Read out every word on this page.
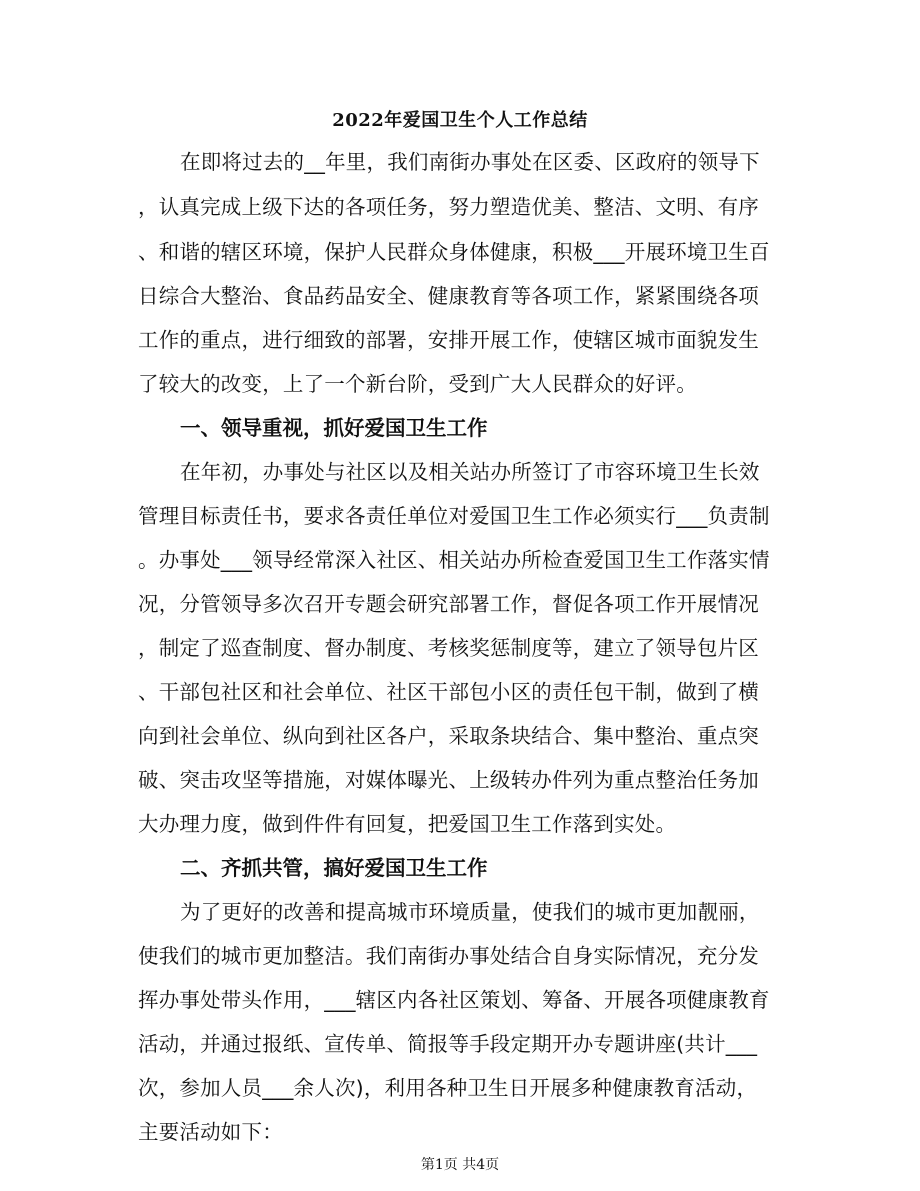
2022年爱国卫生个人工作总结
在即将过去的__年里，我们南街办事处在区委、区政府的领导下
，认真完成上级下达的各项任务，努力塑造优美、整洁、文明、有序
、和谐的辖区环境，保护人民群众身体健康，积极___开展环境卫生百
日综合大整治、食品药品安全、健康教育等各项工作，紧紧围绕各项
工作的重点，进行细致的部署，安排开展工作，使辖区城市面貌发生
了较大的改变，上了一个新台阶，受到广大人民群众的好评。
一、领导重视，抓好爱国卫生工作
在年初，办事处与社区以及相关站办所签订了市容环境卫生长效
管理目标责任书，要求各责任单位对爱国卫生工作必须实行___负责制
。办事处___领导经常深入社区、相关站办所检查爱国卫生工作落实情
况，分管领导多次召开专题会研究部署工作，督促各项工作开展情况
，制定了巡查制度、督办制度、考核奖惩制度等，建立了领导包片区
、干部包社区和社会单位、社区干部包小区的责任包干制，做到了横
向到社会单位、纵向到社区各户，采取条块结合、集中整治、重点突
破、突击攻坚等措施，对媒体曝光、上级转办件列为重点整治任务加
大办理力度，做到件件有回复，把爱国卫生工作落到实处。
二、齐抓共管，搞好爱国卫生工作
为了更好的改善和提高城市环境质量，使我们的城市更加靓丽，
使我们的城市更加整洁。我们南街办事处结合自身实际情况，充分发
挥办事处带头作用，___辖区内各社区策划、筹备、开展各项健康教育
活动，并通过报纸、宣传单、简报等手段定期开办专题讲座(共计___
次，参加人员___余人次)，利用各种卫生日开展多种健康教育活动，
主要活动如下：
第1页 共4页
